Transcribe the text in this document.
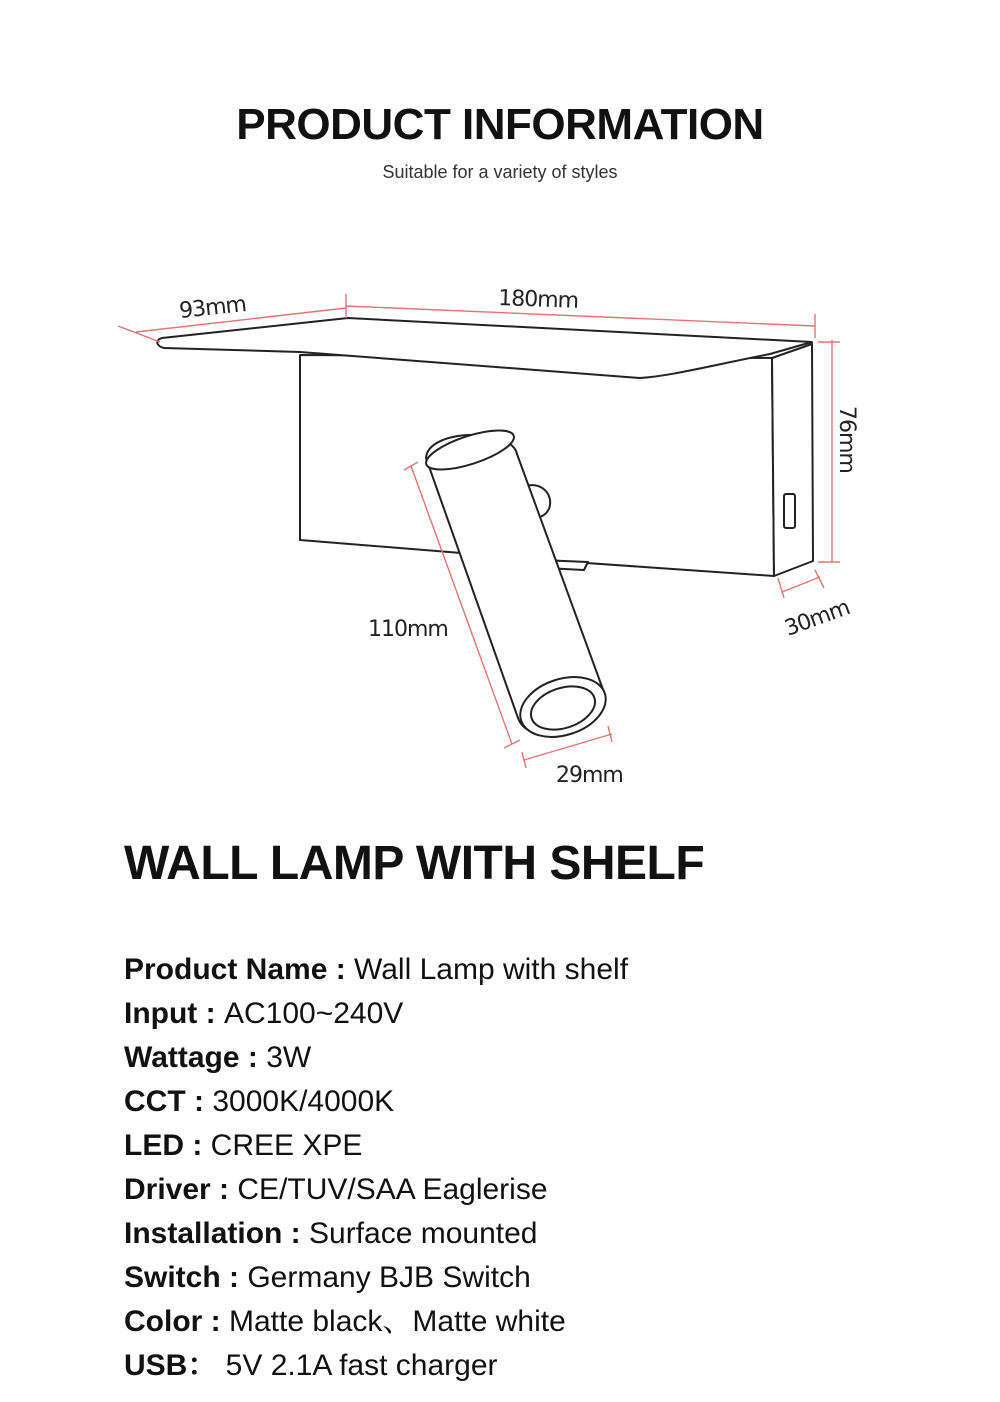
PRODUCT INFORMATION
Suitable for a variety of styles
93mm	180mm
76mm
30mm
110mm
29mm
WALL LAMP WITH SHELF
Product Name : Wall Lamp with shelf
Input : AC100~240V
Wattage : 3W
CCT : 3000K/4000K
LED : CREE XPE
Driver : CE/TUV/SAA Eaglerise
Installation : Surface mounted
Switch : Germany BJB Switch
Color : Matte black、Matte white
USB： 5V 2.1A fast charger
